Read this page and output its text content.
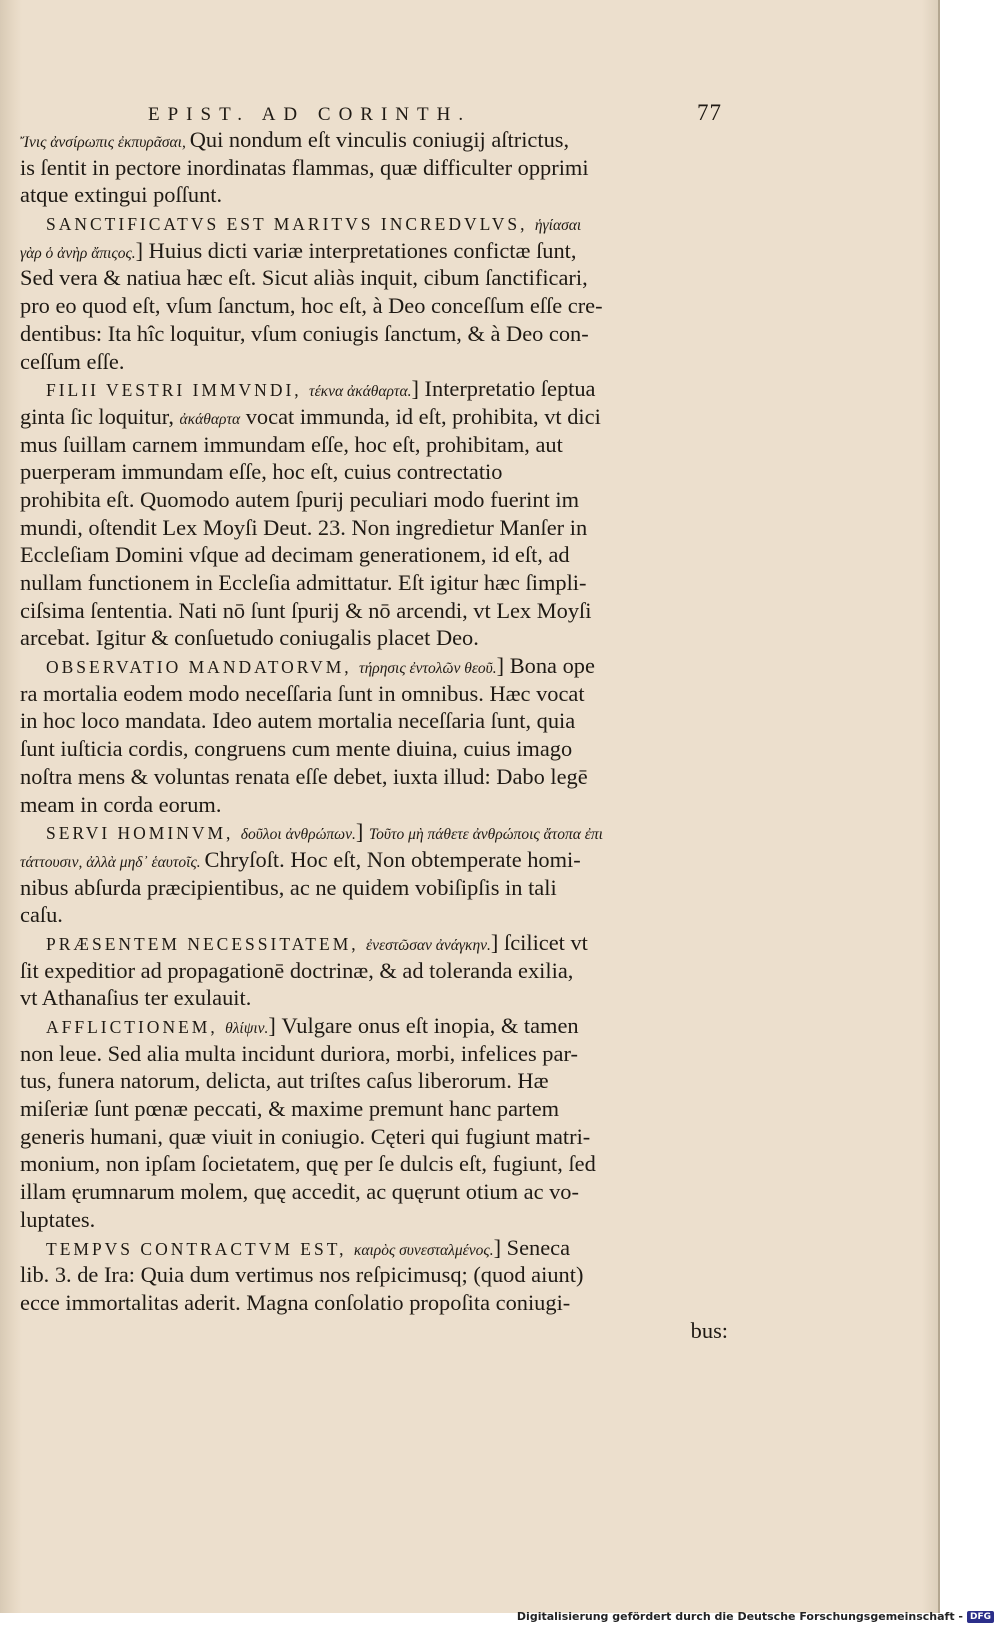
EPIST. AD CORINTH.	77
Ἴνις ἀνσίρωπις ἐκπυρᾶσαι, Qui nondum eſt vinculis coniugij aſtrictus,
is ſentit in pectore inordinatas flammas, quæ difficulter opprimi
atque extingui poſſunt.
SANCTIFICATVS EST MARITVS INCREDVLVS, ἡγίασαι
γὰρ ὁ ἀνὴρ ἄπιςος.] Huius dicti variæ interpretationes confictæ ſunt,
Sed vera & natiua hæc eſt. Sicut aliàs inquit, cibum ſanctificari,
pro eo quod eſt, vſum ſanctum, hoc eſt, à Deo conceſſum eſſe cre-
dentibus: Ita hîc loquitur, vſum coniugis ſanctum, & à Deo con-
ceſſum eſſe.
FILII VESTRI IMMVNDI, τέκνα ἀκάθαρτα.] Interpretatio ſeptua
ginta ſic loquitur, ἀκάθαρτα vocat immunda, id eſt, prohibita, vt dici
mus ſuillam carnem immundam eſſe, hoc eſt, prohibitam, aut
puerperam immundam eſſe, hoc eſt, cuius contrectatio
prohibita eſt. Quomodo autem ſpurij peculiari modo fuerint im
mundi, oſtendit Lex Moyſi Deut. 23. Non ingredietur Manſer in
Eccleſiam Domini vſque ad decimam generationem, id eſt, ad
nullam functionem in Eccleſia admittatur. Eſt igitur hæc ſimpli-
ciſsima ſententia. Nati nō ſunt ſpurij & nō arcendi, vt Lex Moyſi
arcebat. Igitur & conſuetudo coniugalis placet Deo.
OBSERVATIO MANDATORVM, τήρησις ἐντολῶν θεοῦ.] Bona ope
ra mortalia eodem modo neceſſaria ſunt in omnibus. Hæc vocat
in hoc loco mandata. Ideo autem mortalia neceſſaria ſunt, quia
ſunt iuſticia cordis, congruens cum mente diuina, cuius imago
noſtra mens & voluntas renata eſſe debet, iuxta illud: Dabo legē
meam in corda eorum.
SERVI HOMINVM, δοῦλοι ἀνθρώπων.] Τοῦτο μὴ πάθετε ἀνθρώποις ἄτοπα ἐπι
τάττουσιν, ἀλλὰ μηδ᾽ ἑαυτοῖς. Chryſoſt. Hoc eſt, Non obtemperate homi-
nibus abſurda præcipientibus, ac ne quidem vobiſipſis in tali
caſu.
PRÆSENTEM NECESSITATEM, ἐνεστῶσαν ἀνάγκην.] ſcilicet vt
ſit expeditior ad propagationē doctrinæ, & ad toleranda exilia,
vt Athanaſius ter exulauit.
AFFLICTIONEM, θλίψιν.] Vulgare onus eſt inopia, & tamen
non leue. Sed alia multa incidunt duriora, morbi, infelices par-
tus, funera natorum, delicta, aut triſtes caſus liberorum. Hæ
miſeriæ ſunt pœnæ peccati, & maxime premunt hanc partem
generis humani, quæ viuit in coniugio. Cęteri qui fugiunt matri-
monium, non ipſam ſocietatem, quę per ſe dulcis eſt, fugiunt, ſed
illam ęrumnarum molem, quę accedit, ac quęrunt otium ac vo-
luptates.
TEMPVS CONTRACTVM EST, καιρὸς συνεσταλμένος.] Seneca
lib. 3. de Ira: Quia dum vertimus nos reſpicimusq; (quod aiunt)
ecce immortalitas aderit. Magna conſolatio propoſita coniugi-
bus:
Digitalisierung gefördert durch die Deutsche Forschungsgemeinschaft - DFG
